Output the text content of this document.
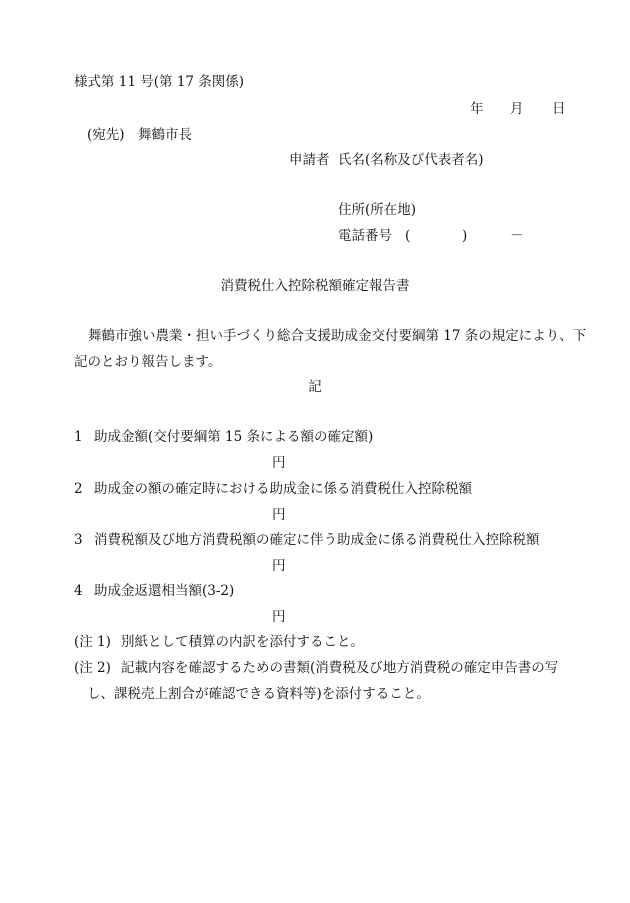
様式第 11 号(第 17 条関係)
年 月 日
(宛先)　舞鶴市長
申請者 氏名(名称及び代表者名)
住所(所在地)
電話番号 (	)	－
消費税仕入控除税額確定報告書
舞鶴市強い農業・担い手づくり総合支援助成金交付要綱第 17 条の規定により、下
記のとおり報告します。
記
1 助成金額(交付要綱第 15 条による額の確定額)
円
2 助成金の額の確定時における助成金に係る消費税仕入控除税額
円
3 消費税額及び地方消費税額の確定に伴う助成金に係る消費税仕入控除税額
円
4 助成金返還相当額(3-2)
円
(注 1) 別紙として積算の内訳を添付すること。
(注 2) 記載内容を確認するための書類(消費税及び地方消費税の確定申告書の写
し、課税売上割合が確認できる資料等)を添付すること。
